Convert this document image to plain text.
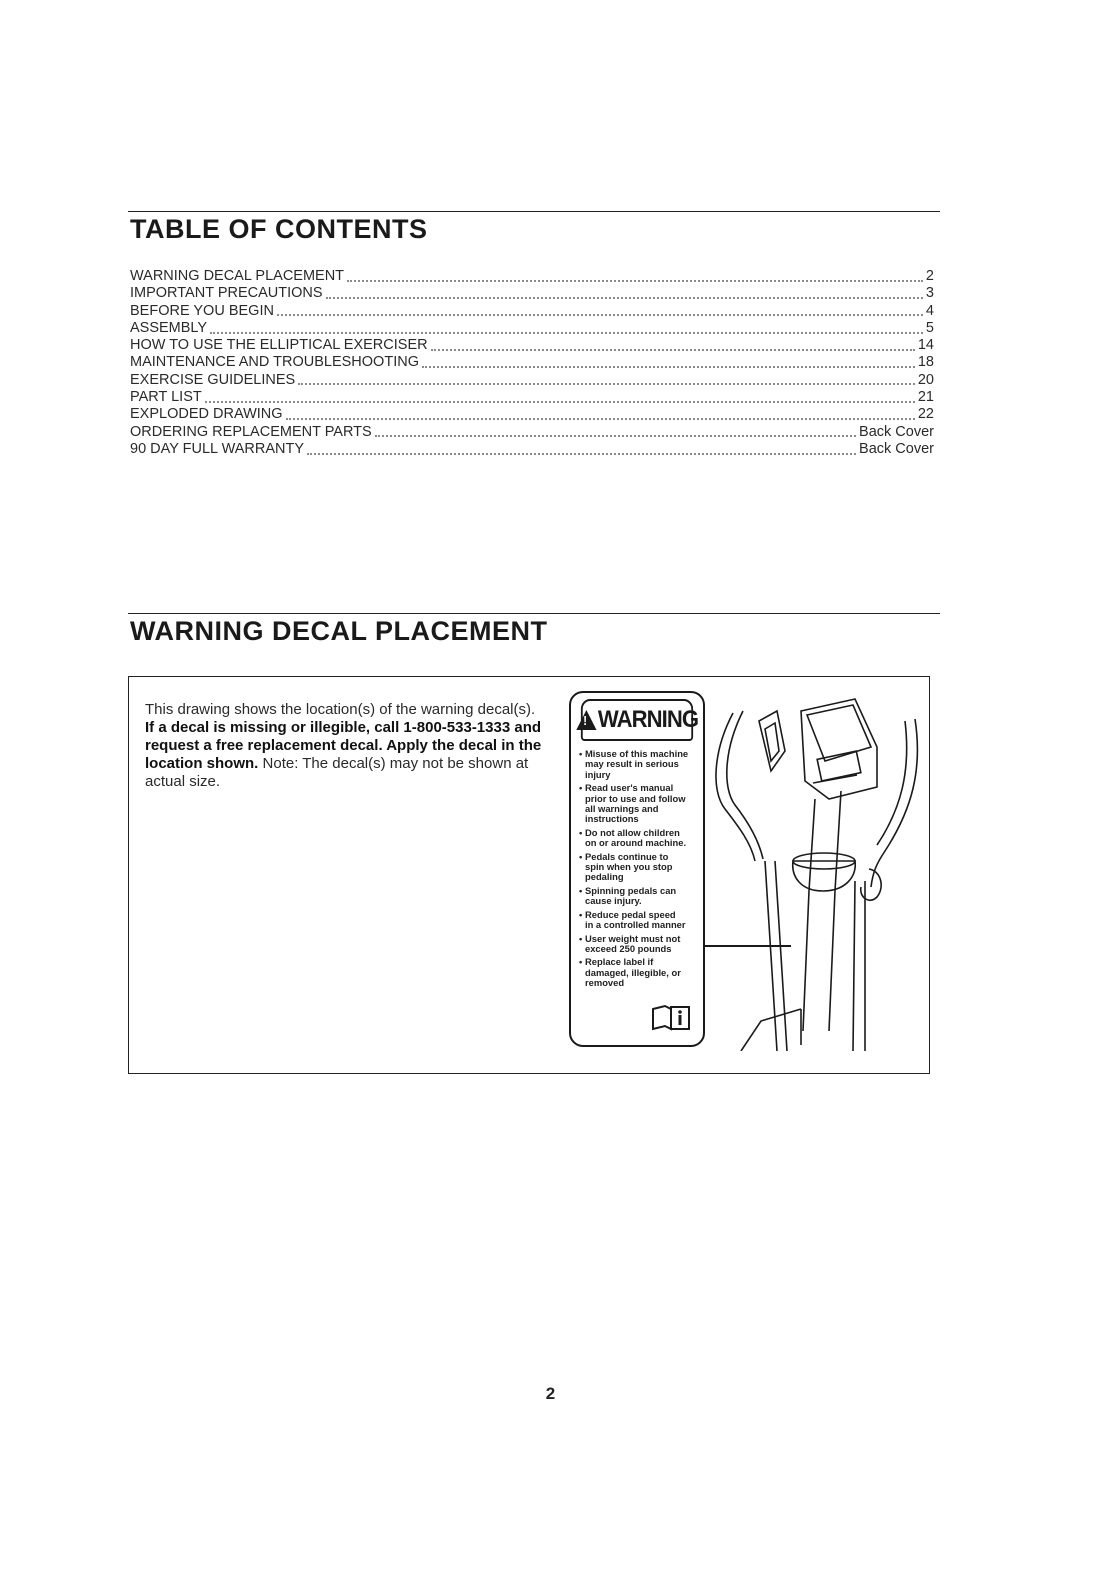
TABLE OF CONTENTS
WARNING DECAL PLACEMENT	2
IMPORTANT PRECAUTIONS	3
BEFORE YOU BEGIN	4
ASSEMBLY	5
HOW TO USE THE ELLIPTICAL EXERCISER	14
MAINTENANCE AND TROUBLESHOOTING	18
EXERCISE GUIDELINES	20
PART LIST	21
EXPLODED DRAWING	22
ORDERING REPLACEMENT PARTS	Back Cover
90 DAY FULL WARRANTY	Back Cover
WARNING DECAL PLACEMENT
This drawing shows the location(s) of the warning decal(s). If a decal is missing or illegible, call 1-800-533-1333 and request a free replacement decal. Apply the decal in the location shown. Note: The decal(s) may not be shown at actual size.
!
WARNING
• Misuse of this machine
may result in serious
injury
• Read user's manual
prior to use and follow
all warnings and
instructions
• Do not allow children
on or around machine.
• Pedals continue to
spin when you stop
pedaling
• Spinning pedals can
cause injury.
• Reduce pedal speed
in a controlled manner
• User weight must not
exceed 250 pounds
• Replace label if
damaged, illegible, or
removed
2
